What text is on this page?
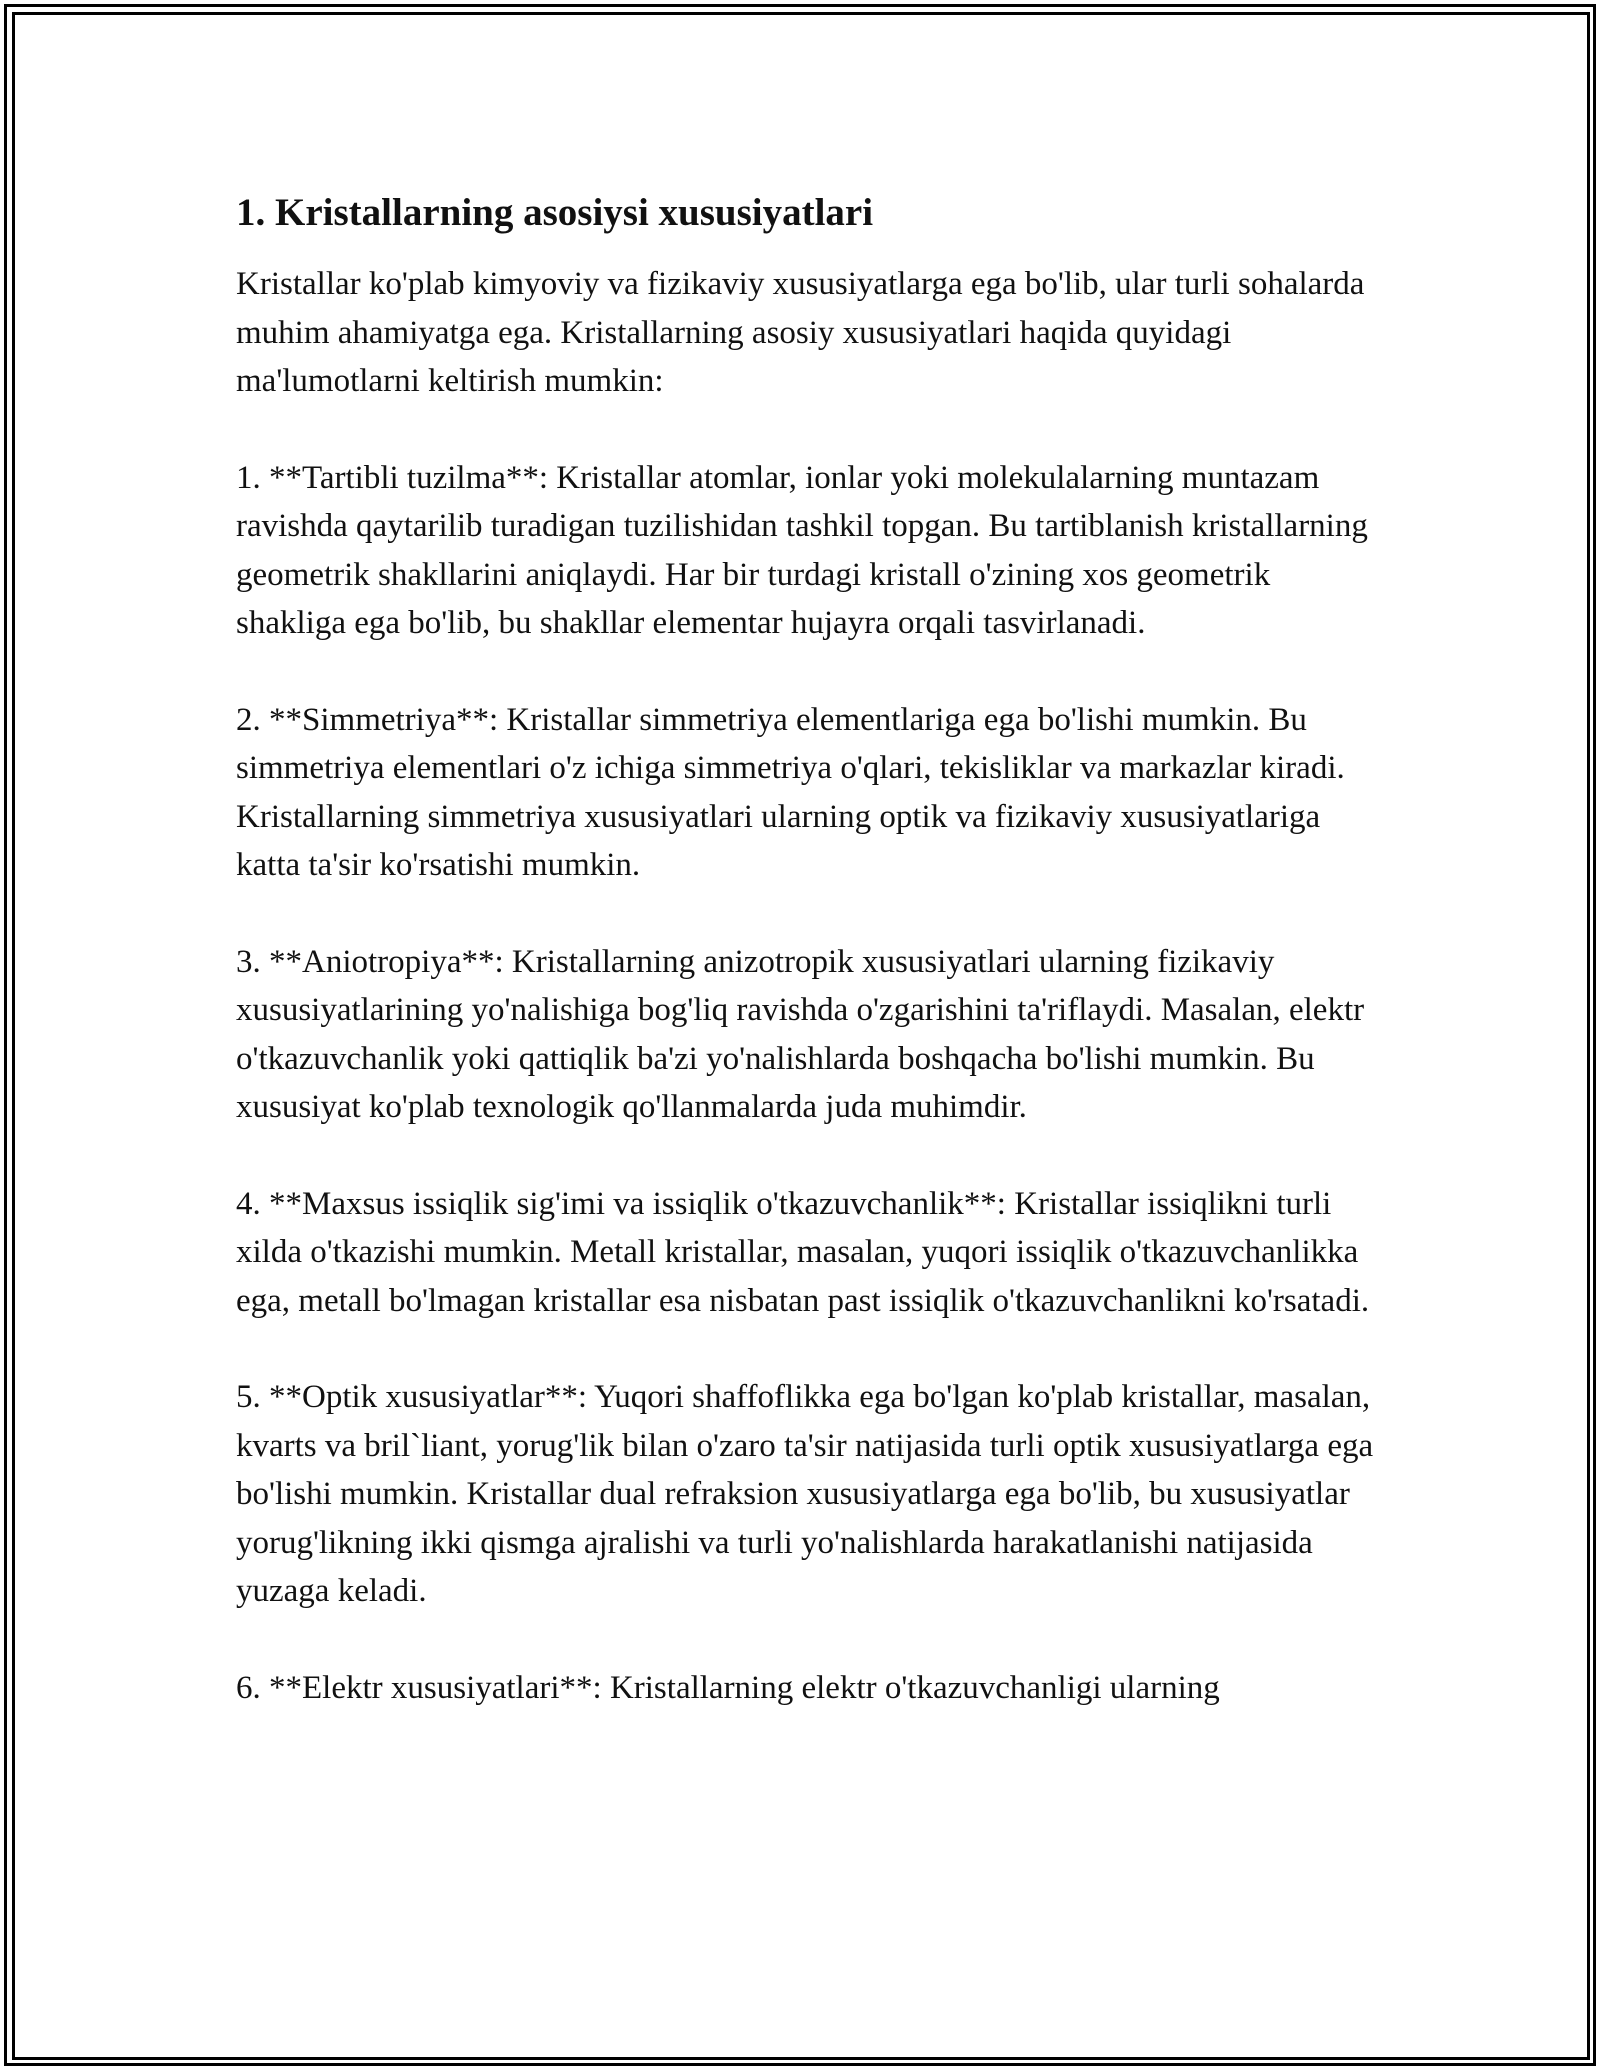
1. Kristallarning asosiysi xususiyatlari

Kristallar ko'plab kimyoviy va fizikaviy xususiyatlarga ega bo'lib, ular turli sohalarda muhim ahamiyatga ega. Kristallarning asosiy xususiyatlari haqida quyidagi ma'lumotlarni keltirish mumkin:

1. **Tartibli tuzilma**: Kristallar atomlar, ionlar yoki molekulalarning muntazam ravishda qaytarilib turadigan tuzilishidan tashkil topgan. Bu tartiblanish kristallarning geometrik shakllarini aniqlaydi. Har bir turdagi kristall o'zining xos geometrik shakliga ega bo'lib, bu shakllar elementar hujayra orqali tasvirlanadi.

2. **Simmetriya**: Kristallar simmetriya elementlariga ega bo'lishi mumkin. Bu simmetriya elementlari o'z ichiga simmetriya o'qlari, tekisliklar va markazlar kiradi. Kristallarning simmetriya xususiyatlari ularning optik va fizikaviy xususiyatlariga katta ta'sir ko'rsatishi mumkin.

3. **Aniotropiya**: Kristallarning anizotropik xususiyatlari ularning fizikaviy xususiyatlarining yo'nalishiga bog'liq ravishda o'zgarishini ta'riflaydi. Masalan, elektr o'tkazuvchanlik yoki qattiqlik ba'zi yo'nalishlarda boshqacha bo'lishi mumkin. Bu xususiyat ko'plab texnologik qo'llanmalarda juda muhimdir.

4. **Maxsus issiqlik sig'imi va issiqlik o'tkazuvchanlik**: Kristallar issiqlikni turli xilda o'tkazishi mumkin. Metall kristallar, masalan, yuqori issiqlik o'tkazuvchanlikka ega, metall bo'lmagan kristallar esa nisbatan past issiqlik o'tkazuvchanlikni ko'rsatadi.

5. **Optik xususiyatlar**: Yuqori shaffoflikka ega bo'lgan ko'plab kristallar, masalan, kvarts va bril`liant, yorug'lik bilan o'zaro ta'sir natijasida turli optik xususiyatlarga ega bo'lishi mumkin. Kristallar dual refraksion xususiyatlarga ega bo'lib, bu xususiyatlar yorug'likning ikki qismga ajralishi va turli yo'nalishlarda harakatlanishi natijasida yuzaga keladi.

6. **Elektr xususiyatlari**: Kristallarning elektr o'tkazuvchanligi ularning
